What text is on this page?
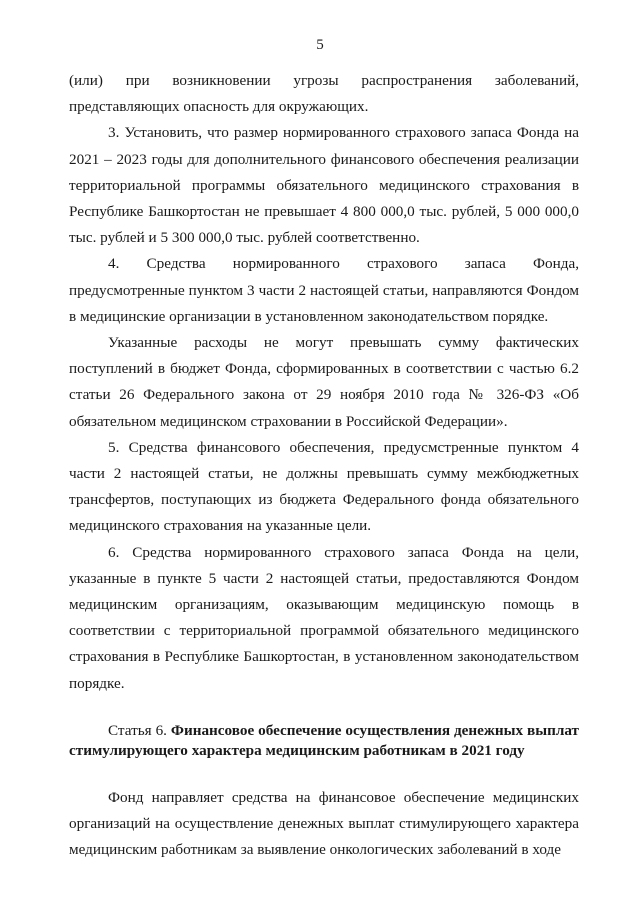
5

(или) при возникновении угрозы распространения заболеваний, представляющих опасность для окружающих.

3. Установить, что размер нормированного страхового запаса Фонда на 2021 – 2023 годы для дополнительного финансового обеспечения реализации территориальной программы обязательного медицинского страхования в Республике Башкортостан не превышает 4 800 000,0 тыс. рублей, 5 000 000,0 тыс. рублей и 5 300 000,0 тыс. рублей соответственно.

4. Средства нормированного страхового запаса Фонда, предусмотренные пунктом 3 части 2 настоящей статьи, направляются Фондом в медицинские организации в установленном законодательством порядке.

Указанные расходы не могут превышать сумму фактических поступлений в бюджет Фонда, сформированных в соответствии с частью 6.2 статьи 26 Федерального закона от 29 ноября 2010 года № 326-ФЗ «Об обязательном медицинском страховании в Российской Федерации».

5. Средства финансового обеспечения, предусмстренные пунктом 4 части 2 настоящей статьи, не должны превышать сумму межбюджетных трансфертов, поступающих из бюджета Федерального фонда обязательного медицинского страхования на указанные цели.

6. Средства нормированного страхового запаса Фонда на цели, указанные в пункте 5 части 2 настоящей статьи, предоставляются Фондом медицинским организациям, оказывающим медицинскую помощь в соответствии с территориальной программой обязательного медицинского страхования в Республике Башкортостан, в установленном законодательством порядке.

Статья 6. Финансовое обеспечение осуществления денежных выплат стимулирующего характера медицинским работникам в 2021 году

Фонд направляет средства на финансовое обеспечение медицинских организаций на осуществление денежных выплат стимулирующего характера медицинским работникам за выявление онкологических заболеваний в ходе
